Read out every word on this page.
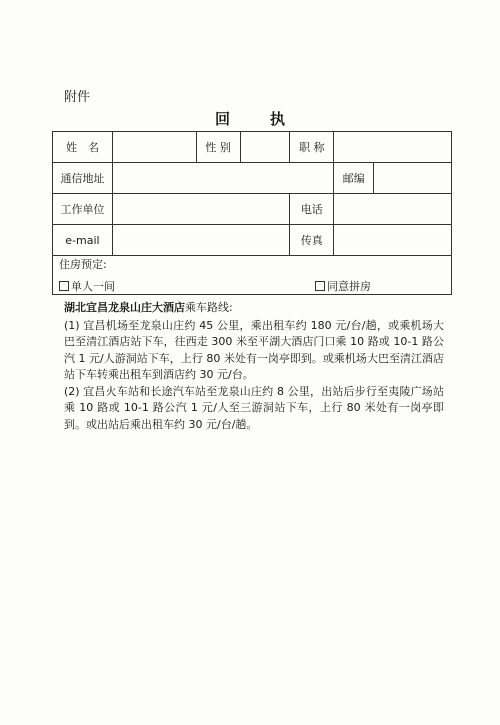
附件
回执
姓　名		性 别		职 称		
通信地址					邮编	
工作单位				电话		
e-mail				传真		

住房预定:
单人一间 同意拼房						
湖北宜昌龙泉山庄大酒店乘车路线:

(1) 宜昌机场至龙泉山庄约 45 公里，乘出租车约 180 元/台/趟，或乘机场大巴至清江酒店站下车，往西走 300 米至平湖大酒店门口乘 10 路或 10-1 路公汽 1 元/人游洞站下车，上行 80 米处有一岗亭即到。或乘机场大巴至清江酒店站下车转乘出租车到酒店约 30 元/台。

(2) 宜昌火车站和长途汽车站至龙泉山庄约 8 公里，出站后步行至夷陵广场站乘 10 路或 10-1 路公汽 1 元/人至三游洞站下车，上行 80 米处有一岗亭即到。或出站后乘出租车约 30 元/台/趟。
